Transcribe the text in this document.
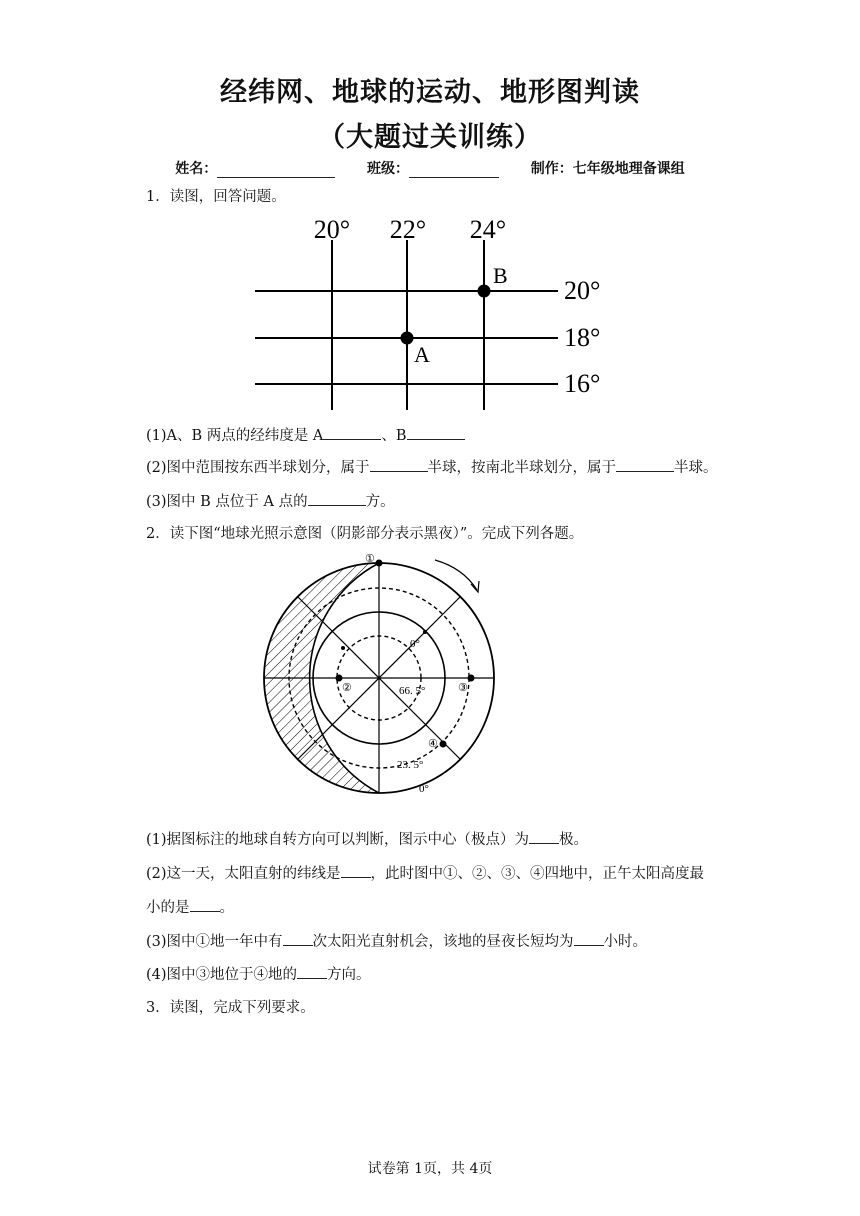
经纬网、地球的运动、地形图判读
（大题过关训练）
姓名：	班级：	制作：七年级地理备课组
1．读图，回答问题。
20° 22° 24°
20°
18°
16°
B
A
(1)A、B 两点的经纬度是 A	、B
(2)图中范围按东西半球划分，属于	半球，按南北半球划分，属于	半球。
(3)图中 B 点位于 A 点的	方。
2．读下图“地球光照示意图（阴影部分表示黑夜）”。完成下列各题。
①
②	③
④
0°
66. 5°
23. 5°
0°
(1)据图标注的地球自转方向可以判断，图示中心（极点）为 极。
(2)这一天，太阳直射的纬线是 ，此时图中①、②、③、④四地中，正午太阳高度最
小的是 。
(3)图中①地一年中有 次太阳光直射机会，该地的昼夜长短均为 小时。
(4)图中③地位于④地的 方向。
3．读图，完成下列要求。
试卷第 1页，共 4页
